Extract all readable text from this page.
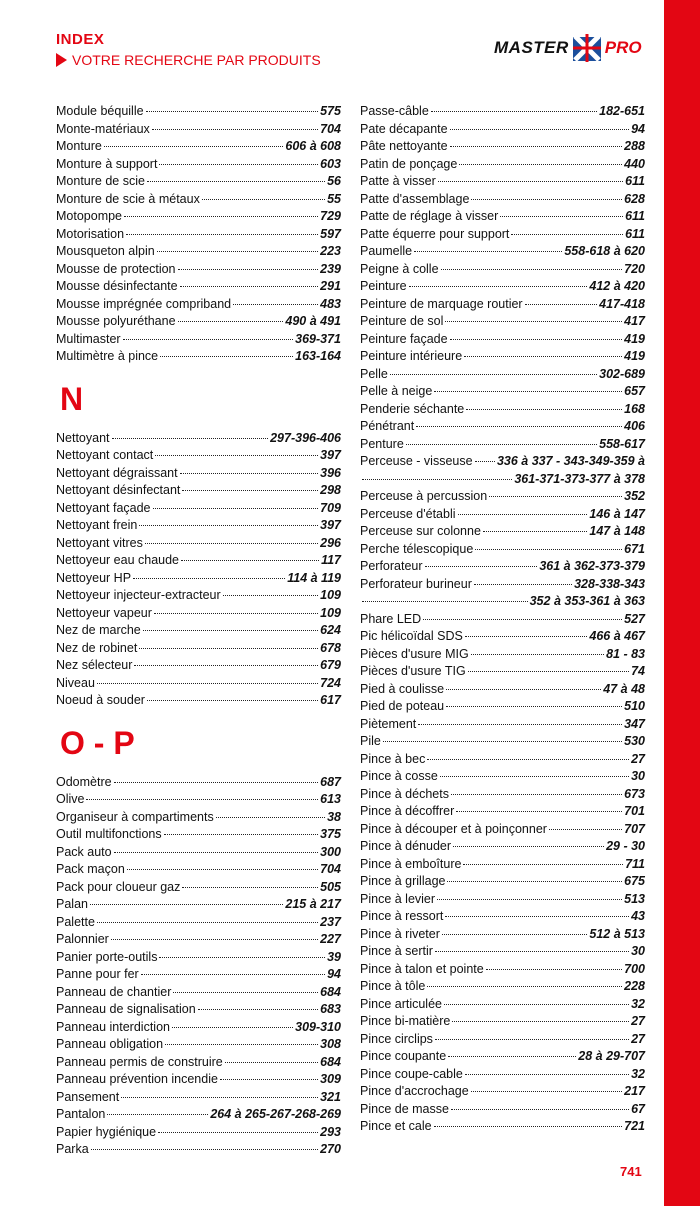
INDEX
VOTRE RECHERCHE PAR PRODUITS
MASTER PRO
Module béquille	575
Monte-matériaux	704
Monture	606 à 608
Monture à support	603
Monture de scie	56
Monture de scie à métaux	55
Motopompe	729
Motorisation	597
Mousqueton alpin	223
Mousse de protection	239
Mousse désinfectante	291
Mousse imprégnée compriband	483
Mousse polyuréthane	490 à 491
Multimaster	369-371
Multimètre à pince	163-164
N
Nettoyant	297-396-406
Nettoyant contact	397
Nettoyant dégraissant	396
Nettoyant désinfectant	298
Nettoyant façade	709
Nettoyant frein	397
Nettoyant vitres	296
Nettoyeur eau chaude	117
Nettoyeur HP	114 à 119
Nettoyeur injecteur-extracteur	109
Nettoyeur vapeur	109
Nez de marche	624
Nez de robinet	678
Nez sélecteur	679
Niveau	724
Noeud à souder	617
O - P
Odomètre	687
Olive	613
Organiseur à compartiments	38
Outil multifonctions	375
Pack auto	300
Pack maçon	704
Pack pour cloueur gaz	505
Palan	215 à 217
Palette	237
Palonnier	227
Panier porte-outils	39
Panne pour fer	94
Panneau de chantier	684
Panneau de signalisation	683
Panneau interdiction	309-310
Panneau obligation	308
Panneau permis de construire	684
Panneau prévention incendie	309
Pansement	321
Pantalon	264 à 265-267-268-269
Papier hygiénique	293
Parka	270
Passe-câble	182-651
Pate décapante	94
Pâte nettoyante	288
Patin de ponçage	440
Patte à visser	611
Patte d'assemblage	628
Patte de réglage à visser	611
Patte équerre pour support	611
Paumelle	558-618 à 620
Peigne à colle	720
Peinture	412 à 420
Peinture de marquage routier	417-418
Peinture de sol	417
Peinture façade	419
Peinture intérieure	419
Pelle	302-689
Pelle à neige	657
Penderie séchante	168
Pénétrant	406
Penture	558-617
Perceuse - visseuse 336 à 337 - 343-349-359 à
361-371-373-377 à 378
Perceuse à percussion	352
Perceuse d'établi	146 à 147
Perceuse sur colonne	147 à 148
Perche télescopique	671
Perforateur	361 à 362-373-379
Perforateur burineur	328-338-343
352 à 353-361 à 363
Phare LED	527
Pic hélicoïdal SDS	466 à 467
Pièces d'usure MIG	81 - 83
Pièces d'usure TIG	74
Pied à coulisse	47 à 48
Pied de poteau	510
Piètement	347
Pile	530
Pince à bec	27
Pince à cosse	30
Pince à déchets	673
Pince à décoffrer	701
Pince à découper et à poinçonner	707
Pince à dénuder	29 - 30
Pince à emboîture	711
Pince à grillage	675
Pince à levier	513
Pince à ressort	43
Pince à riveter	512 à 513
Pince à sertir	30
Pince à talon et pointe	700
Pince à tôle	228
Pince articulée	32
Pince bi-matière	27
Pince circlips	27
Pince coupante	28 à 29-707
Pince coupe-cable	32
Pince d'accrochage	217
Pince de masse	67
Pince et cale	721
741
